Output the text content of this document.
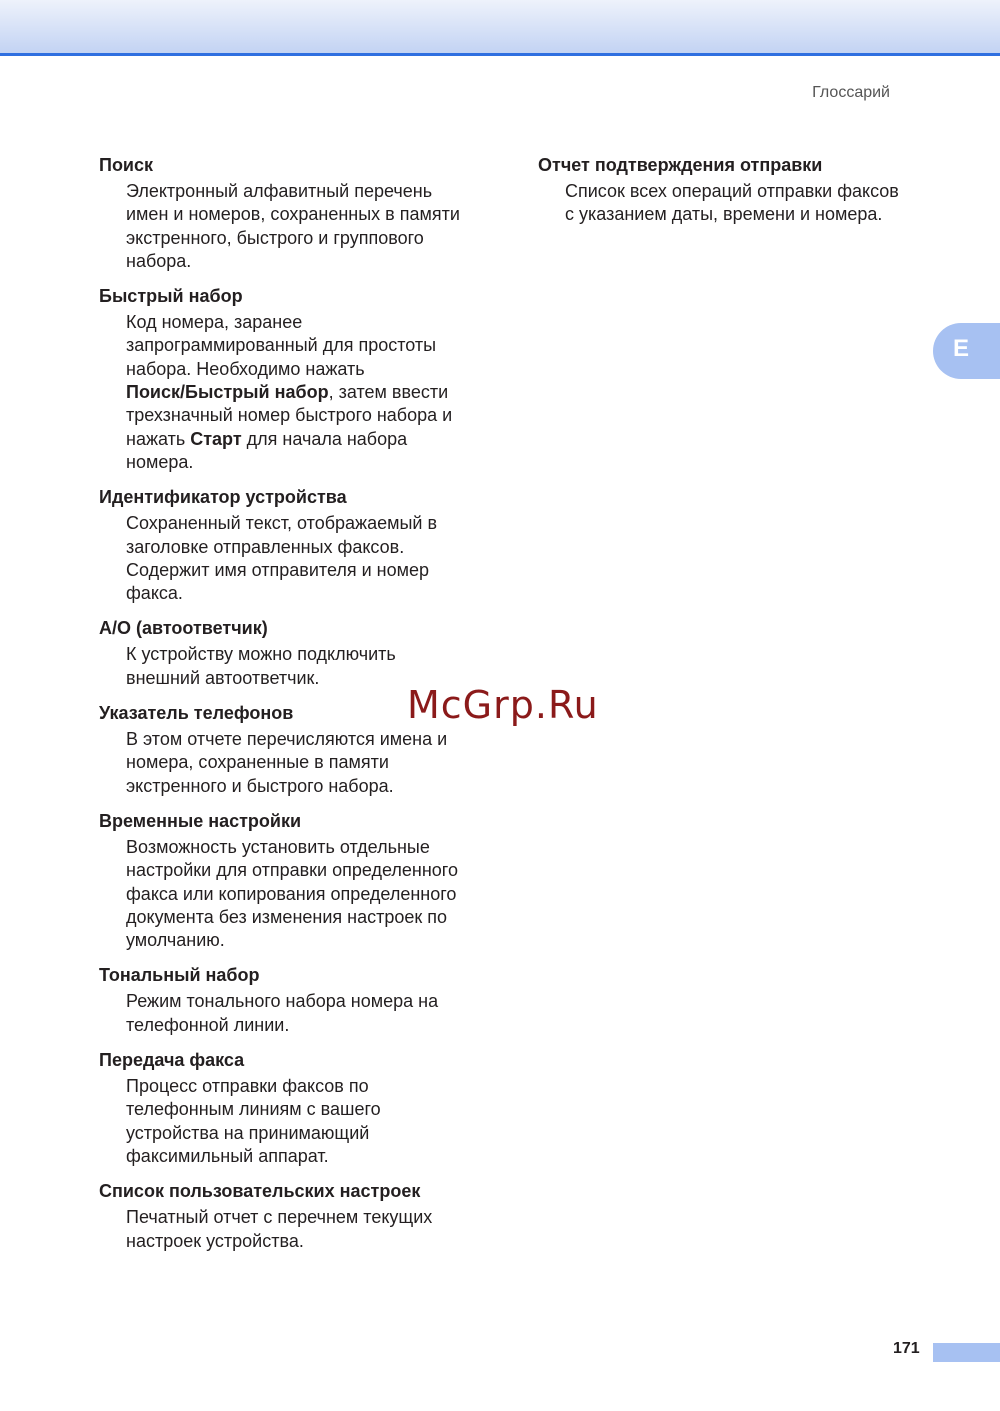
Глоссарий

Поиск

Электронный алфавитный перечень
имен и номеров, сохраненных в памяти
экстренного, быстрого и группового
набора.

Быстрый набор

Код номера, заранее
запрограммированный для простоты
набора. Необходимо нажать
Поиск/Быстрый набор, затем ввести
трехзначный номер быстрого набора и
нажать Старт для начала набора
номера.

Идентификатор устройства

Сохраненный текст, отображаемый в
заголовке отправленных факсов.
Содержит имя отправителя и номер
факса.

А/О (автоответчик)

К устройству можно подключить
внешний автоответчик.

Указатель телефонов

В этом отчете перечисляются имена и
номера, сохраненные в памяти
экстренного и быстрого набора.

Временные настройки

Возможность установить отдельные
настройки для отправки определенного
факса или копирования определенного
документа без изменения настроек по
умолчанию.

Тональный набор

Режим тонального набора номера на
телефонной линии.

Передача факса

Процесс отправки факсов по
телефонным линиям с вашего
устройства на принимающий
факсимильный аппарат.

Список пользовательских настроек

Печатный отчет с перечнем текущих
настроек устройства.

Отчет подтверждения отправки

Список всех операций отправки факсов
с указанием даты, времени и номера.

E
McGrp.Ru
171
